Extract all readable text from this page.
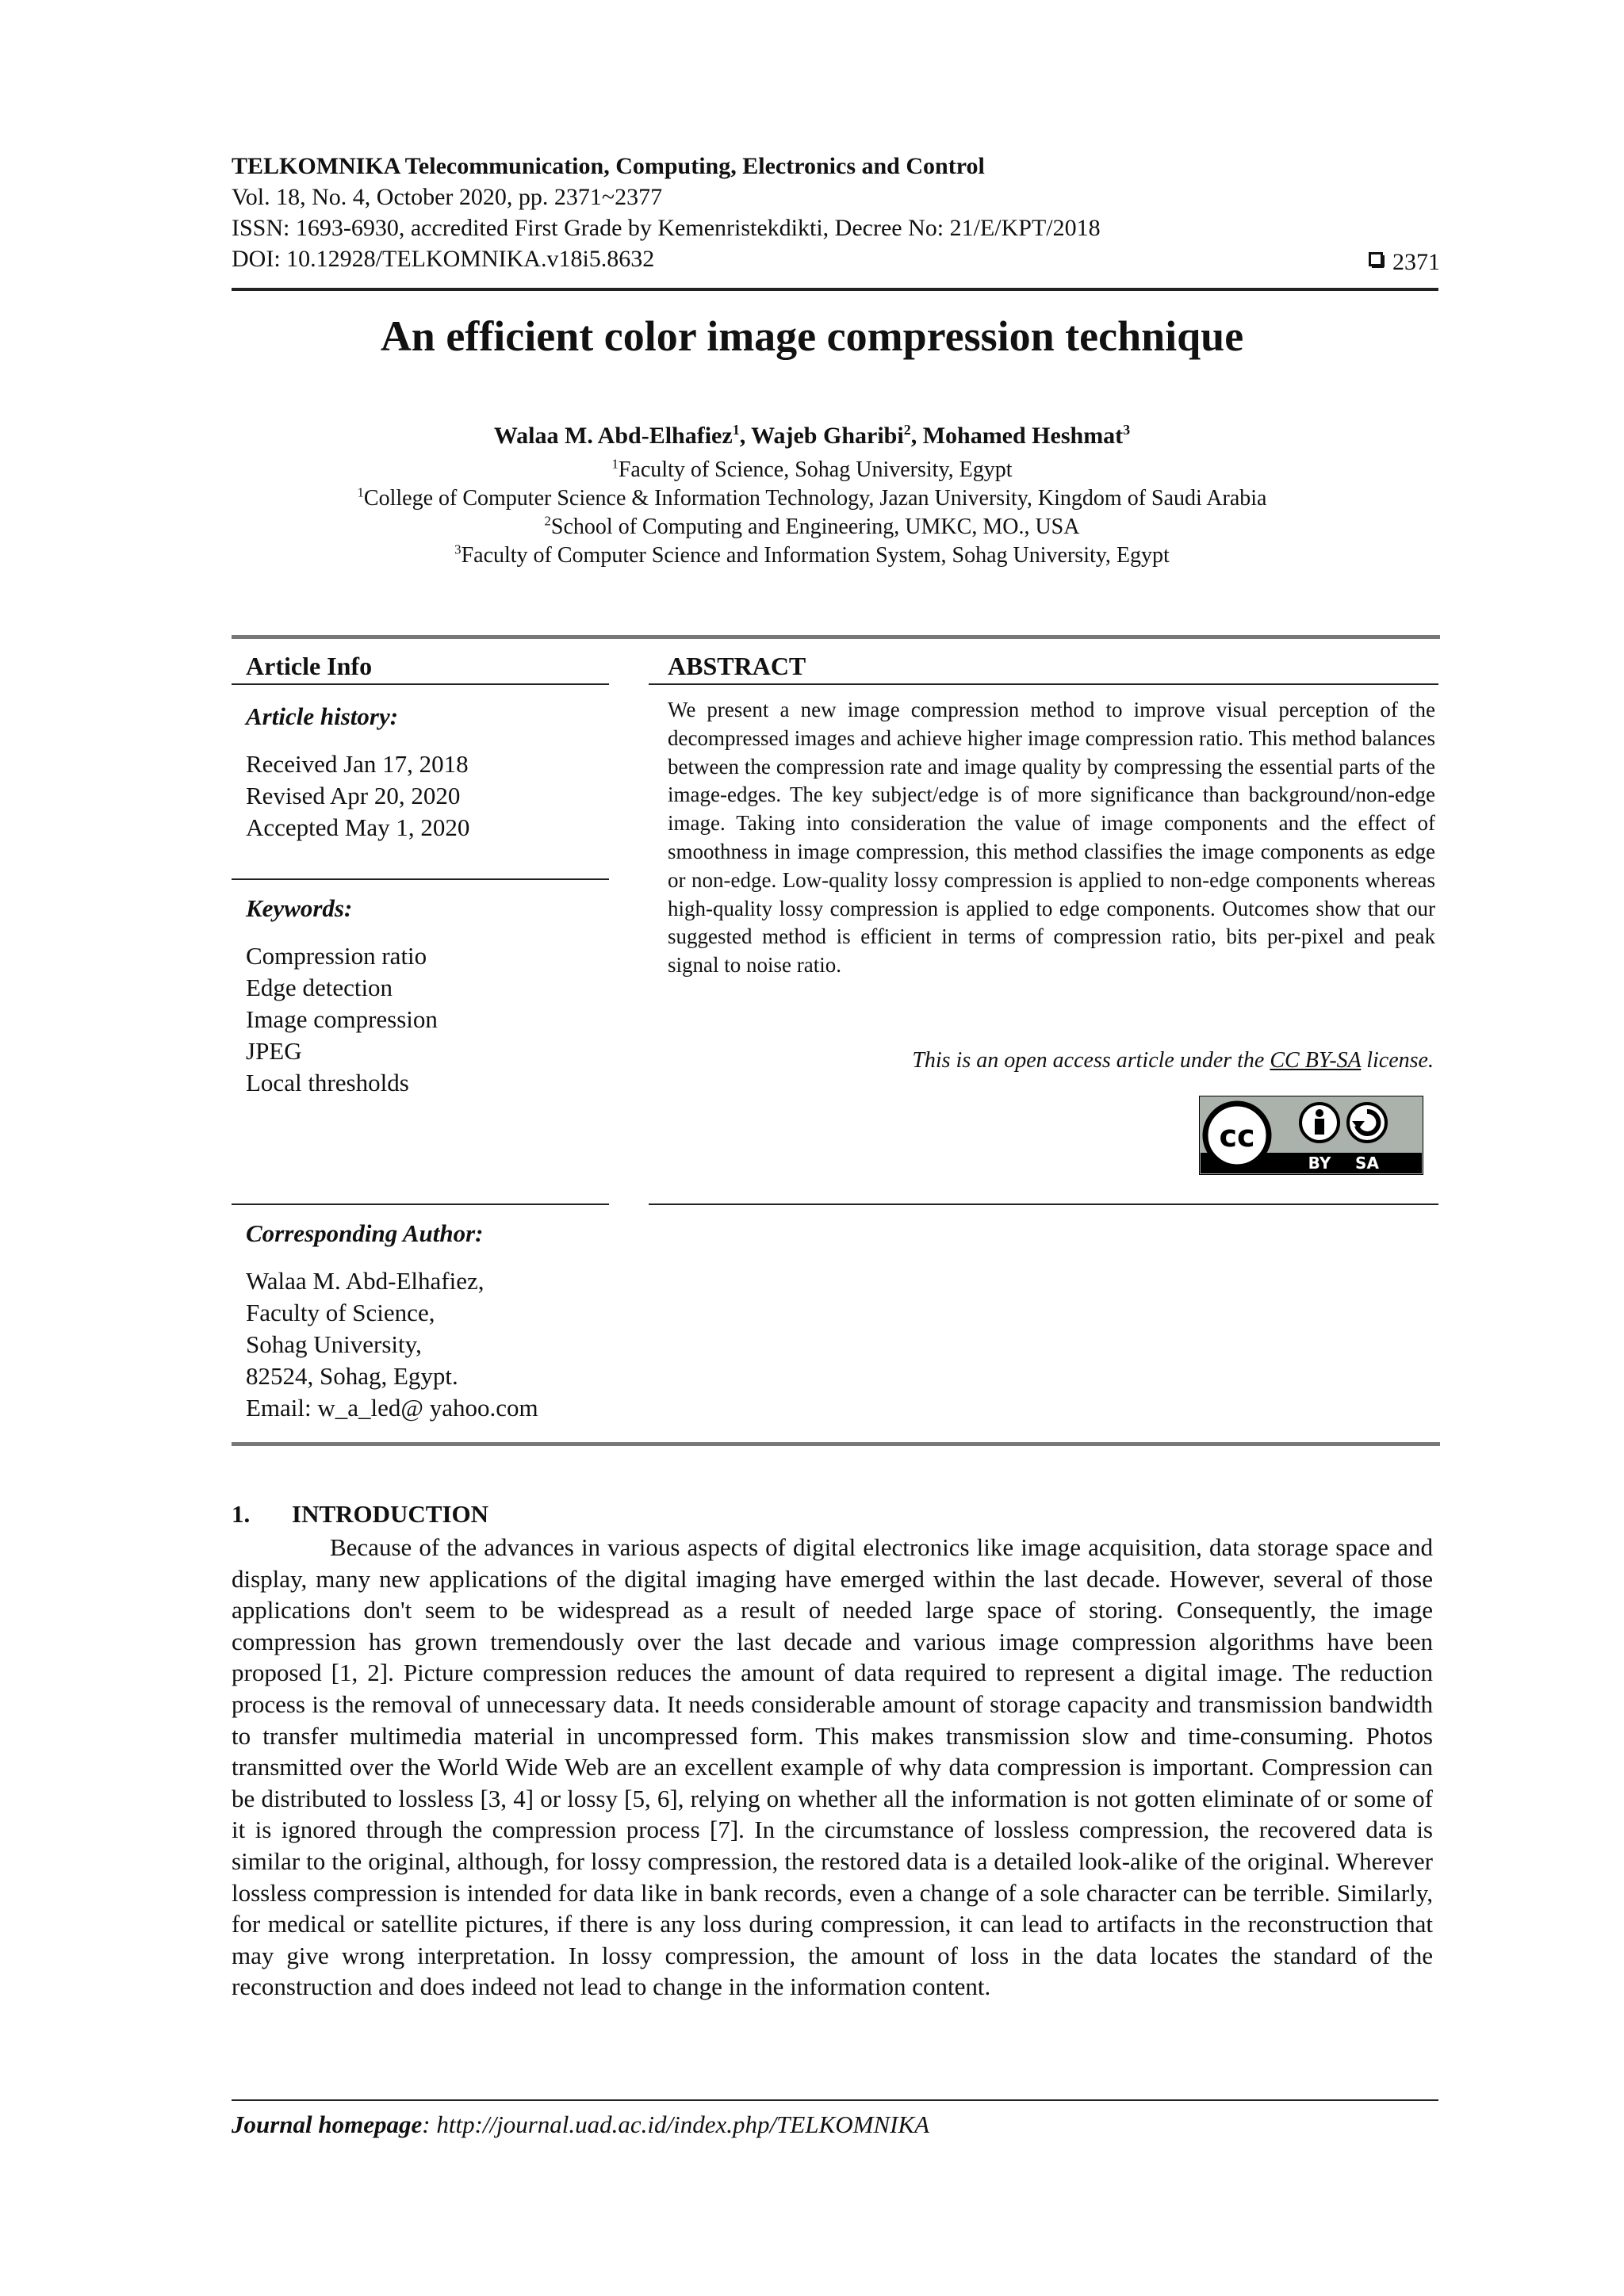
TELKOMNIKA Telecommunication, Computing, Electronics and Control
Vol. 18, No. 4, October 2020, pp. 2371~2377
ISSN: 1693-6930, accredited First Grade by Kemenristekdikti, Decree No: 21/E/KPT/2018
DOI: 10.12928/TELKOMNIKA.v18i5.8632	2371
An efficient color image compression technique
Walaa M. Abd-Elhafiez$^1$, Wajeb Gharibi$^2$, Mohamed Heshmat$^3$
$^1$Faculty of Science, Sohag University, Egypt
$^1$College of Computer Science & Information Technology, Jazan University, Kingdom of Saudi Arabia
$^2$School of Computing and Engineering, UMKC, MO., USA
$^3$Faculty of Computer Science and Information System, Sohag University, Egypt
Article Info
Article history:
Received Jan 17, 2018
Revised Apr 20, 2020
Accepted May 1, 2020
Keywords:
Compression ratio
Edge detection
Image compression
JPEG
Local thresholds
Corresponding Author:
Walaa M. Abd-Elhafiez,
Faculty of Science,
Sohag University,
82524, Sohag, Egypt.
Email: w_a_led@ yahoo.com
ABSTRACT
We present a new image compression method to improve visual perception of the decompressed images and achieve higher image compression ratio. This method balances between the compression rate and image quality by compressing the essential parts of the image-edges. The key subject/edge is of more significance than background/non-edge image. Taking into consideration the value of image components and the effect of smoothness in image compression, this method classifies the image components as edge or non-edge. Low-quality lossy compression is applied to non-edge components whereas high-quality lossy compression is applied to edge components. Outcomes show that our suggested method is efficient in terms of compression ratio, bits per-pixel and peak signal to noise ratio.
This is an open access article under the CC BY-SA license.
cc
BY SA
1. INTRODUCTION
Because of the advances in various aspects of digital electronics like image acquisition, data storage space and display, many new applications of the digital imaging have emerged within the last decade. However, several of those applications don't seem to be widespread as a result of needed large space of storing. Consequently, the image compression has grown tremendously over the last decade and various image compression algorithms have been proposed [1, 2]. Picture compression reduces the amount of data required to represent a digital image. The reduction process is the removal of unnecessary data. It needs considerable amount of storage capacity and transmission bandwidth to transfer multimedia material in uncompressed form. This makes transmission slow and time-consuming. Photos transmitted over the World Wide Web are an excellent example of why data compression is important. Compression can be distributed to lossless [3, 4] or lossy [5, 6], relying on whether all the information is not gotten eliminate of or some of it is ignored through the compression process [7]. In the circumstance of lossless compression, the recovered data is similar to the original, although, for lossy compression, the restored data is a detailed look-alike of the original. Wherever lossless compression is intended for data like in bank records, even a change of a sole character can be terrible. Similarly, for medical or satellite pictures, if there is any loss during compression, it can lead to artifacts in the reconstruction that may give wrong interpretation. In lossy compression, the amount of loss in the data locates the standard of the reconstruction and does indeed not lead to change in the information content.
Journal homepage: http://journal.uad.ac.id/index.php/TELKOMNIKA
